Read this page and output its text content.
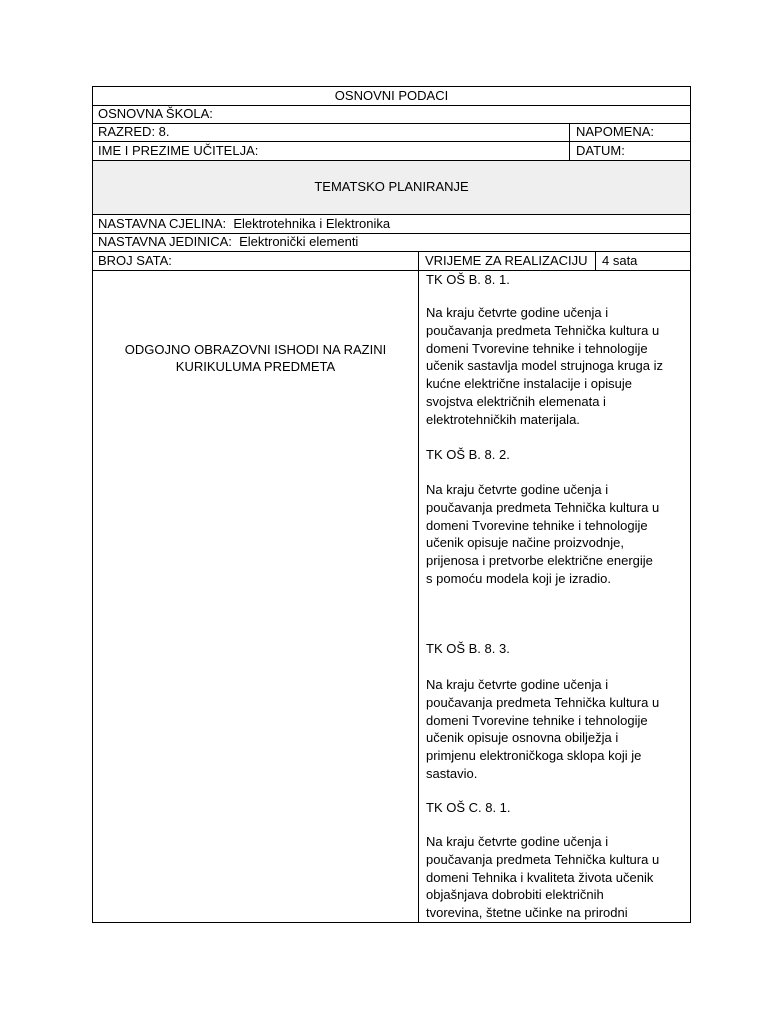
OSNOVNI PODACI
OSNOVNA ŠKOLA:
RAZRED: 8.	NAPOMENA:
IME I PREZIME UČITELJA:	DATUM:
TEMATSKO PLANIRANJE
NASTAVNA CJELINA:  Elektrotehnika i Elektronika
NASTAVNA JEDINICA:  Elektronički elementi
BROJ SATA:	VRIJEME ZA REALIZACIJU 4 sata
ODGOJNO OBRAZOVNI ISHODI NA RAZINI
KURIKULUMA PREDMETA
TK OŠ B. 8. 1.
Na kraju četvrte godine učenja i
poučavanja predmeta Tehnička kultura u
domeni Tvorevine tehnike i tehnologije
učenik sastavlja model strujnoga kruga iz
kućne električne instalacije i opisuje
svojstva električnih elemenata i
elektrotehničkih materijala.
TK OŠ B. 8. 2.
Na kraju četvrte godine učenja i
poučavanja predmeta Tehnička kultura u
domeni Tvorevine tehnike i tehnologije
učenik opisuje načine proizvodnje,
prijenosa i pretvorbe električne energije
s pomoću modela koji je izradio.
TK OŠ B. 8. 3.
Na kraju četvrte godine učenja i
poučavanja predmeta Tehnička kultura u
domeni Tvorevine tehnike i tehnologije
učenik opisuje osnovna obilježja i
primjenu elektroničkoga sklopa koji je
sastavio.
TK OŠ C. 8. 1.
Na kraju četvrte godine učenja i
poučavanja predmeta Tehnička kultura u
domeni Tehnika i kvaliteta života učenik
objašnjava dobrobiti električnih
tvorevina, štetne učinke na prirodni
